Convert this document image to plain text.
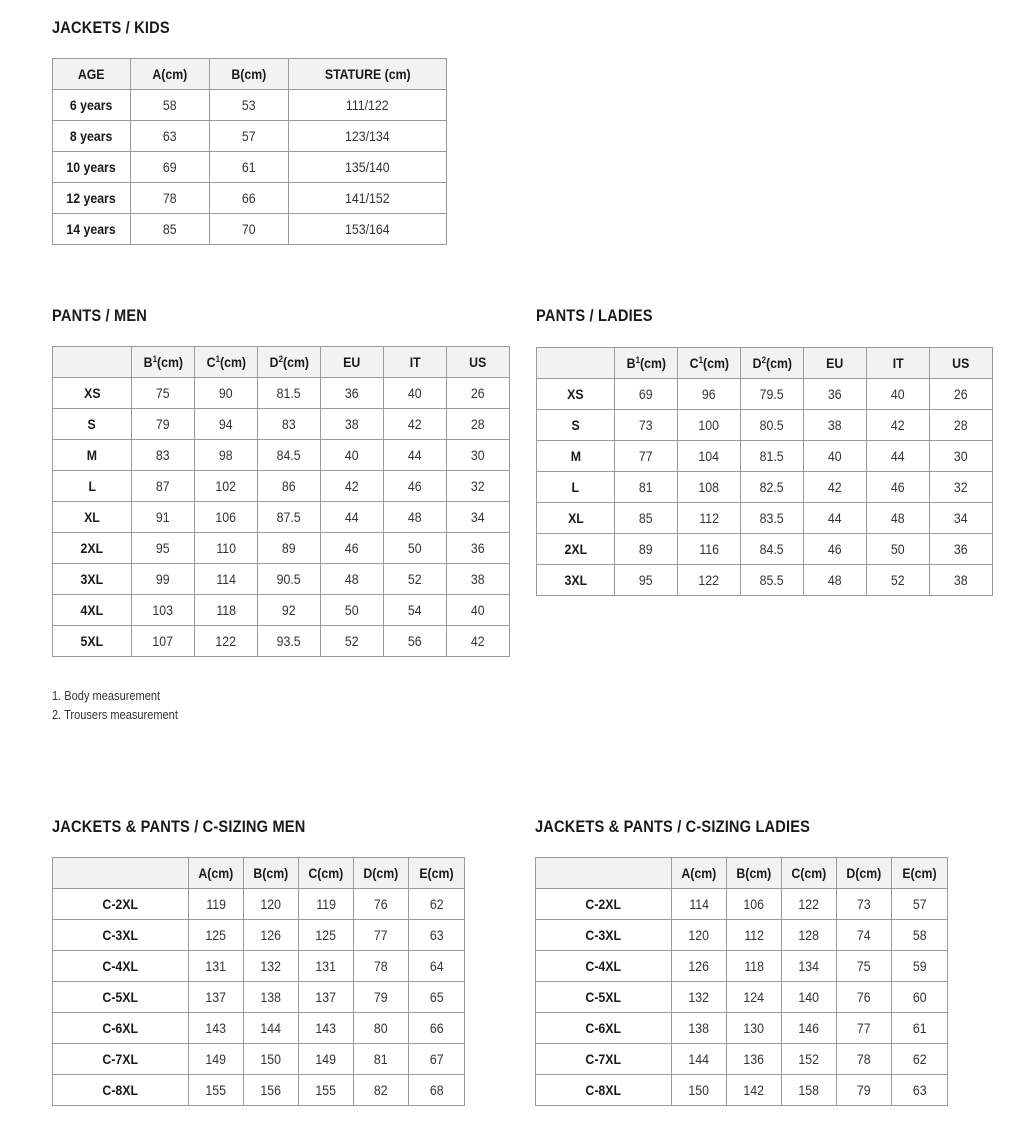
JACKETS / KIDS
AGE	A(cm)	B(cm)	STATURE (cm)
6 years	58	53	111/122
8 years	63	57	123/134
10 years	69	61	135/140
12 years	78	66	141/152
14 years	85	70	153/164
PANTS / MEN
	$B^1(cm)$	$C^1(cm)$	$D^2(cm)$	EU	IT	US
XS	75	90	81.5	36	40	26
S	79	94	83	38	42	28
M	83	98	84.5	40	44	30
L	87	102	86	42	46	32
XL	91	106	87.5	44	48	34
2XL	95	110	89	46	50	36
3XL	99	114	90.5	48	52	38
4XL	103	118	92	50	54	40
5XL	107	122	93.5	52	56	42
PANTS / LADIES
	$B^1(cm)$	$C^1(cm)$	$D^2(cm)$	EU	IT	US
XS	69	96	79.5	36	40	26
S	73	100	80.5	38	42	28
M	77	104	81.5	40	44	30
L	81	108	82.5	42	46	32
XL	85	112	83.5	44	48	34
2XL	89	116	84.5	46	50	36
3XL	95	122	85.5	48	52	38
1. Body measurement
2. Trousers measurement
JACKETS & PANTS / C-SIZING MEN
	A(cm)	B(cm)	C(cm)	D(cm)	E(cm)
C-2XL	119	120	119	76	62
C-3XL	125	126	125	77	63
C-4XL	131	132	131	78	64
C-5XL	137	138	137	79	65
C-6XL	143	144	143	80	66
C-7XL	149	150	149	81	67
C-8XL	155	156	155	82	68
JACKETS & PANTS / C-SIZING LADIES
	A(cm)	B(cm)	C(cm)	D(cm)	E(cm)
C-2XL	114	106	122	73	57
C-3XL	120	112	128	74	58
C-4XL	126	118	134	75	59
C-5XL	132	124	140	76	60
C-6XL	138	130	146	77	61
C-7XL	144	136	152	78	62
C-8XL	150	142	158	79	63
